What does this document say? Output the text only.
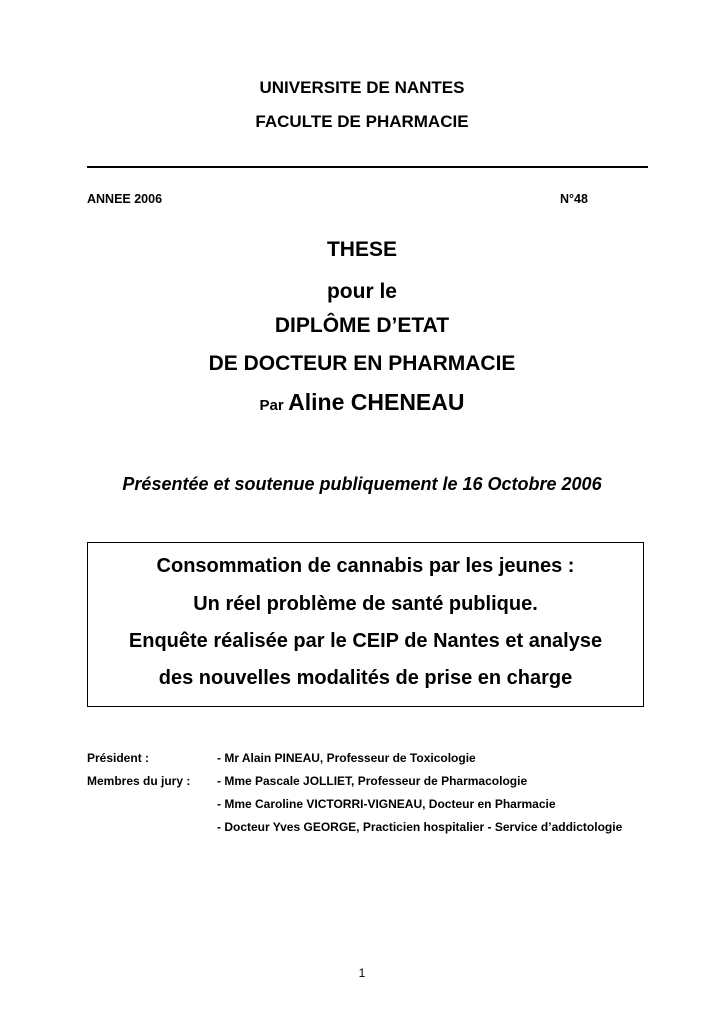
UNIVERSITE DE NANTES
FACULTE DE PHARMACIE
ANNEE 2006	N°48
THESE
pour le
DIPLÔME D’ETAT
DE DOCTEUR EN PHARMACIE
Par Aline CHENEAU
Présentée et soutenue publiquement le 16 Octobre 2006
Consommation de cannabis par les jeunes :
Un réel problème de santé publique.
Enquête réalisée par le CEIP de Nantes et analyse
des nouvelles modalités de prise en charge
Président :
Membres du jury :
- Mr Alain PINEAU, Professeur de Toxicologie
- Mme Pascale JOLLIET, Professeur de Pharmacologie
- Mme Caroline VICTORRI-VIGNEAU, Docteur en Pharmacie
- Docteur Yves GEORGE, Practicien hospitalier - Service d’addictologie
1
